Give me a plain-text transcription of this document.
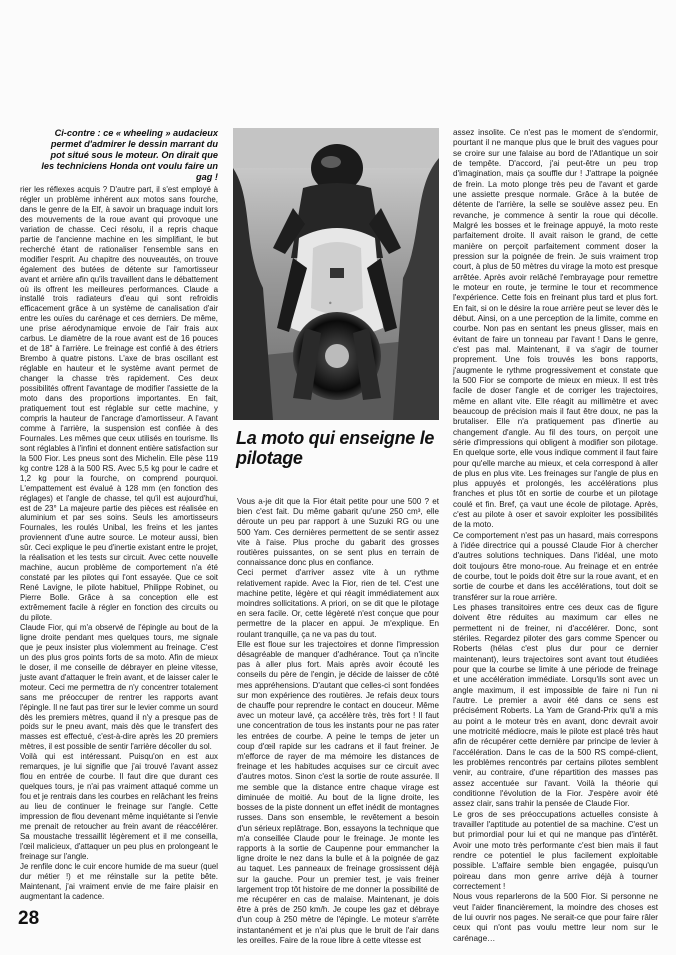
Ci-contre : ce « wheeling » audacieux permet d'admirer le dessin marrant du pot situé sous le moteur. On dirait que les techniciens Honda ont voulu faire un gag !
•
La moto qui enseigne le pilotage

rier les réflexes acquis ? D'autre part, il s'est employé à régler un problème inhérent aux motos sans fourche, dans le genre de la Elf, à savoir un braquage induit lors des mouvements de la roue avant qui provoque une variation de chasse. Ceci résolu, il a repris chaque partie de l'ancienne machine en les simplifiant, le but recherché étant de rationaliser l'ensemble sans en modifier l'esprit. Au chapitre des nouveautés, on trouve également des butées de détente sur l'amortisseur avant et arrière afin qu'ils travaillent dans le débattement où ils offrent les meilleures performances. Claude a installé trois radiateurs d'eau qui sont refroidis efficacement grâce à un système de canalisation d'air entre les ouïes du carénage et ces derniers. De même, une prise aérodynamique envoie de l'air frais aux carbus. Le diamètre de la roue avant est de 16 pouces et de 18" à l'arrière. Le freinage est confié à des étriers Brembo à quatre pistons. L'axe de bras oscillant est réglable en hauteur et le système avant permet de changer la chasse très rapidement. Ces deux possibilités offrent l'avantage de modifier l'assiette de la moto dans des proportions importantes. En fait, pratiquement tout est réglable sur cette machine, y compris la hauteur de l'ancrage d'amortisseur. A l'avant comme à l'arrière, la suspension est confiée à des Fournales. Les mêmes que ceux utilisés en tourisme. Ils sont réglables à l'infini et donnent entière satisfaction sur la 500 Fior. Les pneus sont des Michelin. Elle pèse 119 kg contre 128 à la 500 RS. Avec 5,5 kg pour le cadre et 1,2 kg pour la fourche, on comprend pourquoi. L'empattement est évalué à 128 mm (en fonction des réglages) et l'angle de chasse, tel qu'il est aujourd'hui, est de 23° La majeure partie des pièces est réalisée en aluminium et par ses soins. Seuls les amortisseurs Fournales, les roulés Unibal, les freins et les jantes proviennent d'une autre source. Le moteur aussi, bien sûr. Ceci explique le peu d'inertie existant entre le projet, la réalisation et les tests sur circuit. Avec cette nouvelle machine, aucun problème de comportement n'a été constaté par les pilotes qui l'ont essayée. Que ce soit René Lavigne, le pilote habituel, Philippe Robinet, ou Pierre Bolle. Grâce à sa conception elle est extrêmement facile à régler en fonction des circuits ou du pilote.

Claude Fior, qui m'a observé de l'épingle au bout de la ligne droite pendant mes quelques tours, me signale que je peux insister plus violemment au freinage. C'est un des plus gros points forts de sa moto. Afin de mieux le doser, il me conseille de débrayer en pleine vitesse, juste avant d'attaquer le frein avant, et de laisser caler le moteur. Ceci me permettra de n'y concentrer totalement sans me préoccuper de rentrer les rapports avant l'épingle. Il ne faut pas tirer sur le levier comme un sourd dès les premiers mètres, quand il n'y a presque pas de poids sur le pneu avant, mais dès que le transfert des masses est effectué, c'est-à-dire après les 20 premiers mètres, il est possible de sentir l'arrière décoller du sol.

Voilà qui est intéressant. Puisqu'on en est aux remarques, je lui signifie que j'ai trouvé l'avant assez flou en entrée de courbe. Il faut dire que durant ces quelques tours, je n'ai pas vraiment attaqué comme un fou et je rentrais dans les courbes en relâchant les freins au lieu de continuer le freinage sur l'angle. Cette impression de flou devenant même inquiétante si l'envie me prenait de retoucher au frein avant de réaccélérer. Sa moustache tressaillit légèrement et il me conseilla, l'œil malicieux, d'attaquer un peu plus en prolongeant le freinage sur l'angle.

Je renfile donc le cuir encore humide de ma sueur (quel dur métier !) et me réinstalle sur la petite bête. Maintenant, j'ai vraiment envie de me faire plaisir en augmentant la cadence.

Vous a-je dit que la Fior était petite pour une 500 ? et bien c'est fait. Du même gabarit qu'une 250 cm³, elle déroute un peu par rapport à une Suzuki RG ou une 500 Yam. Ces dernières permettent de se sentir assez vite à l'aise. Plus proche du gabarit des grosses routières puissantes, on se sent plus en terrain de connaissance donc plus en confiance.

Ceci permet d'arriver assez vite à un rythme relativement rapide. Avec la Fior, rien de tel. C'est une machine petite, légère et qui réagit immédiatement aux moindres sollicitations. A priori, on se dit que le pilotage en sera facile. Or, cette légèreté n'est conçue que pour permettre de la placer en appui. Je m'explique. En roulant tranquille, ça ne va pas du tout.

Elle est floue sur les trajectoires et donne l'impression désagréable de manquer d'adhérance. Tout ça n'incite pas à aller plus fort. Mais après avoir écouté les conseils du père de l'engin, je décide de laisser de côté mes appréhensions. D'autant que celles-ci sont fondées sur mon expérience des routières. Je refais deux tours de chauffe pour reprendre le contact en douceur. Même avec un moteur lavé, ça accélère très, très fort ! Il faut une concentration de tous les instants pour ne pas rater les entrées de courbe. A peine le temps de jeter un coup d'œil rapide sur les cadrans et il faut freiner. Je m'efforce de rayer de ma mémoire les distances de freinage et les habitudes acquises sur ce circuit avec d'autres motos. Sinon c'est la sortie de route assurée. Il me semble que la distance entre chaque virage est diminuée de moitié. Au bout de la ligne droite, les bosses de la piste donnent un effet inédit de montagnes russes. Dans son ensemble, le revêtement a besoin d'un sérieux replâtrage. Bon, essayons la technique que m'a conseillée Claude pour le freinage. Je monte les rapports à la sortie de Caupenne pour emmancher la ligne droite le nez dans la bulle et à la poignée de gaz au taquet. Les panneaux de freinage grossissent déjà sur la gauche. Pour un premier test, je vais freiner largement trop tôt histoire de me donner la possibilité de me récupérer en cas de malaise. Maintenant, je dois être à près de 250 km/h. Je coupe les gaz et débraye d'un coup à 250 mètre de l'épingle. Le moteur s'arrête instantanément et je n'ai plus que le bruit de l'air dans les oreilles. Faire de la roue libre à cette vitesse est

assez insolite. Ce n'est pas le moment de s'endormir, pourtant il ne manque plus que le bruit des vagues pour se croire sur une falaise au bord de l'Atlantique un soir de tempête. D'accord, j'ai peut-être un peu trop d'imagination, mais ça souffle dur ! J'attrape la poignée de frein. La moto plonge très peu de l'avant et garde une assiette presque normale. Grâce à la butée de détente de l'arrière, la selle se soulève assez peu. En revanche, je commence à sentir la roue qui décolle. Malgré les bosses et le freinage appuyé, la moto reste parfaitement droite. Il avait raison le grand, de cette manière on perçoit parfaitement comment doser la pression sur la poignée de frein. Je suis vraiment trop court, à plus de 50 mètres du virage la moto est presque arrêtée. Après avoir relâché l'embrayage pour remettre le moteur en route, je termine le tour et recommence l'expérience. Cette fois en freinant plus tard et plus fort. En fait, si on le désire la roue arrière peut se lever dès le début. Ainsi, on a une perception de la limite, comme en courbe. Non pas en sentant les pneus glisser, mais en évitant de faire un tonneau par l'avant ! Dans le genre, c'est pas mal. Maintenant, il va s'agir de tourner proprement. Une fois trouvés les bons rapports, j'augmente le rythme progressivement et constate que la 500 Fior se comporte de mieux en mieux. Il est très facile de doser l'angle et de corriger les trajectoires, même en allant vite. Elle réagit au millimètre et avec beaucoup de précision mais il faut être doux, ne pas la brutaliser. Elle n'a pratiquement pas d'inertie au changement d'angle. Au fil des tours, on perçoit une série d'impressions qui obligent à modifier son pilotage. En quelque sorte, elle vous indique comment il faut faire pour qu'elle marche au mieux, et cela correspond à aller de plus en plus vite. Les freinages sur l'angle de plus en plus appuyés et prolongés, les accélérations plus franches et plus tôt en sortie de courbe et un pilotage coulé et fin. Bref, ça vaut une école de pilotage. Après, c'est au pilote à oser et savoir exploiter les possibilités de la moto.

Ce comportement n'est pas un hasard, mais correspons à l'idée directrice qui a poussé Claude Fior à chercher d'autres solutions techniques. Dans l'idéal, une moto doit toujours être mono-roue. Au freinage et en entrée de courbe, tout le poids doit être sur la roue avant, et en sortie de courbe et dans les accélérations, tout doit se transférer sur la roue arrière.

Les phases transitoires entre ces deux cas de figure doivent être réduites au maximum car elles ne permettent ni de freiner, ni d'accélérer. Donc, sont stériles. Regardez piloter des gars comme Spencer ou Roberts (hélas c'est plus dur pour ce dernier maintenant), leurs trajectoires sont avant tout étudiées pour que la courbe se limite à une période de freinage et une accélération immédiate. Lorsqu'ils sont avec un angle maximum, il est impossible de faire ni l'un ni l'autre. Le premier a avoir été dans ce sens est précisément Roberts. La Yam de Grand-Prix qu'il a mis au point a le moteur très en avant, donc devrait avoir une motricité médiocre, mais le pilote est placé très haut afin de récupérer cette dernière par principe de levier à l'accélération. Dans le cas de la 500 RS compé-client, les problèmes rencontrés par certains pilotes semblent venir, au contraire, d'une répartition des masses pas assez accentuée sur l'avant. Voilà la théorie qui conditionne l'évolution de la Fior. J'espère avoir été assez clair, sans trahir la pensée de Claude Fior.

Le gros de ses préoccupations actuelles consiste à travailler l'aptitude au potentiel de sa machine. C'est un but primordial pour lui et qui ne manque pas d'intérêt. Avoir une moto très performante c'est bien mais il faut rendre ce potentiel le plus facilement exploitable possible. L'affaire semble bien engagée, puisqu'un poireau dans mon genre arrive déjà à tourner correctement !

Nous vous reparlerons de la 500 Fior. Si personne ne veut l'aider financièrement, la moindre des choses est de lui ouvrir nos pages. Ne serait-ce que pour faire râler ceux qui n'ont pas voulu mettre leur nom sur le carénage…

28
